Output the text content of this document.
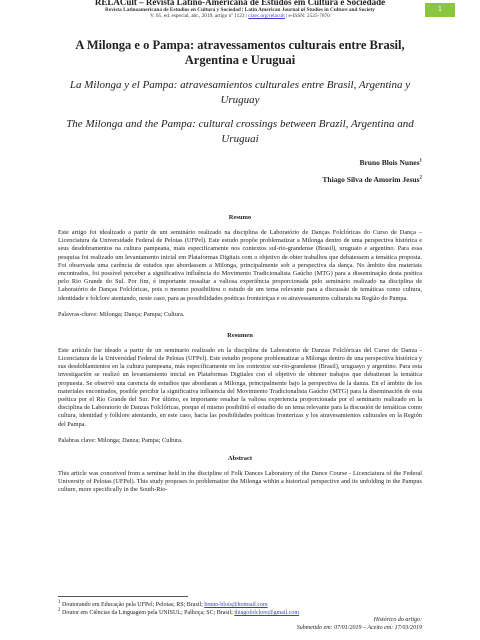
RELACult – Revista Latino-Americana de Estudos em Cultura e Sociedade
Revista Latinoamericana de Estudios en Cultura y Sociedad | Latin American Journal of Studies in Culture and Society
V. 05, ed. especial, abr., 2019, artigo nº 1123 | claec.org/relacult | e-ISSN: 2525-7870
1

A Milonga e o Pampa: atravessamentos culturais entre Brasil, Argentina e Uruguai

La Milonga y el Pampa: atravesamientos culturales entre Brasil, Argentina y Uruguay

The Milonga and the Pampa: cultural crossings between Brazil, Argentina and Uruguai

Bruno Blois Nunes$^1$

Thiago Silva de Amorim Jesus$^2$

Resumo

Este artigo foi idealizado a partir de um seminário realizado na disciplina de Laboratório de Danças Folclóricas do Curso de Dança – Licenciatura da Universidade Federal de Pelotas (UFPel). Este estudo propõe problematizar a Milonga dentro de uma perspectiva histórica e seus desdobramentos na cultura pampeana, mais especificamente nos contextos sul-rio-grandense (Brasil), uruguaio e argentino. Para essa pesquisa foi realizado um levantamento inicial em Plataformas Digitais com o objetivo de obter trabalhos que debatessem a temática proposta. Foi observada uma carência de estudos que abordassem a Milonga, principalmente sob a perspectiva da dança. No âmbito dos materiais encontrados, foi possível perceber a significativa influência do Movimento Tradicionalista Gaúcho (MTG) para a disseminação desta poética pelo Rio Grande do Sul. Por fim, é importante ressaltar a valiosa experiência proporcionada pelo seminário realizado na disciplina de Laboratório de Danças Folclóricas, pois o mesmo possibilitou o estudo de um tema relevante para a discussão de temáticas como cultura, identidade e folclore atentando, neste caso, para as possibilidades poéticas fronteiriças e os atravessamentos culturais na Região do Pampa.

Palavras-chave: Milonga; Dança; Pampa; Cultura.

Resumen

Este artículo fue ideado a partir de un seminario realizado en la disciplina de Laboratorio de Danzas Folclóricas del Curso de Danza - Licenciatura de la Universidad Federal de Pelotas (UFPel). Este estudio propone problematizar a Milonga dentro de una perspectiva histórica y sus desdoblamientos en la cultura pampeana, más específicamente en los contextos sur-rio-grandense (Brasil), uruguayo y argentino. Para esta investigación se realizó un levantamiento inicial en Plataformas Digitales con el objetivo de obtener trabajos que debatieran la temática propuesta. Se observó una carencia de estudios que abordaran a Milonga, principalmente bajo la perspectiva de la danza. En el ámbito de los materiales encontrados, posible percibir la significativa influencia del Movimiento Tradicionalista Gaúcho (MTG) para la diseminación de esta poética por el Río Grande del Sur. Por último, es importante resaltar la valiosa experiencia proporcionada por el seminario realizado en la disciplina de Laboratorio de Danzas Folclóricas, porque el mismo posibilitó el estudio de un tema relevante para la discusión de temáticas como cultura, identidad y folklore atentando, en este caso, hacia las posibilidades poéticas fronterizas y los atravesamientos culturales en la Región del Pampa.

Palabras clave: Milonga; Danza; Pampa; Cultura.

Abstract

This article was conceived from a seminar held in the discipline of Folk Dances Laboratory of the Dance Course - Licenciatura of the Federal University of Pelotas (UFPel). This study proposes to problematize the Milonga within a historical perspective and its unfolding in the Pampus culture, more specifically in the South-Rio-

$^1$ Doutorando em Educação pela UFPel; Pelotas; RS; Brasil; bruno-blois@hotmail.com

$^2$ Doutor em Ciências da Linguagem pela UNISUL; Palhoça; SC; Brasil; thiagofolclore@gmail.com

Histórico do artigo:

Submetido em: 07/01/2019 – Aceito em: 17/03/2019
